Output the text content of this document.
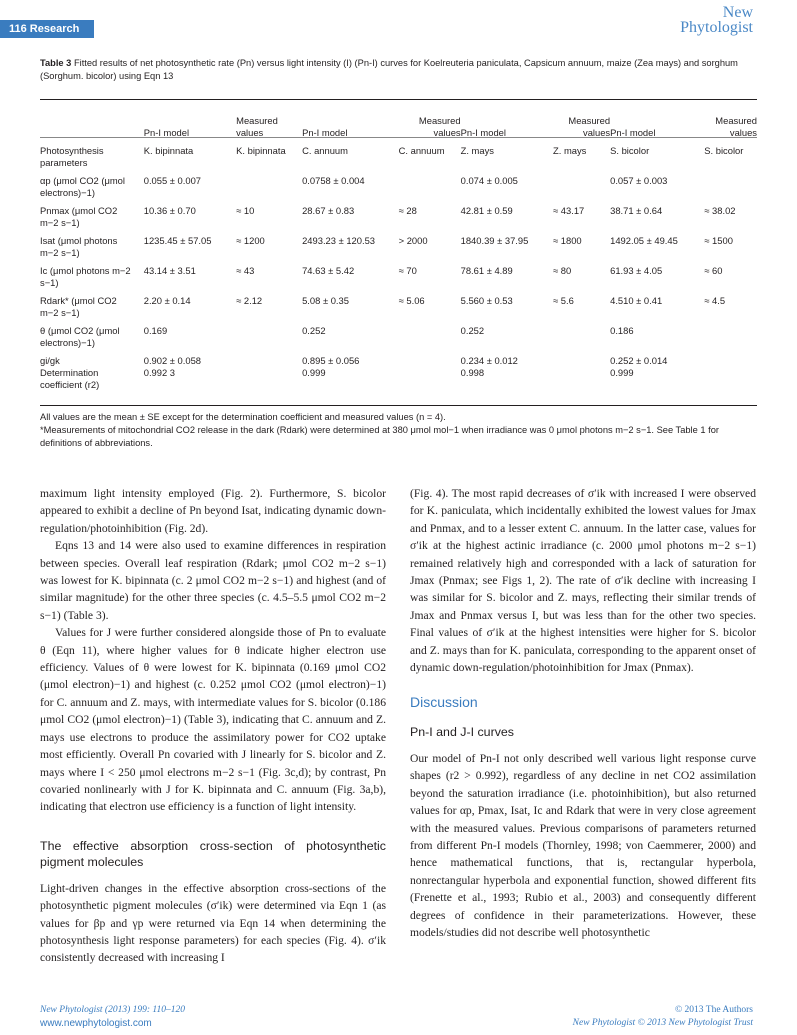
116 Research
New
Phytologist
Table 3 Fitted results of net photosynthetic rate (Pn) versus light intensity (I) (Pn-I) curves for Koelreuteria paniculata, Capsicum annuum, maize (Zea mays) and sorghum (Sorghum. bicolor) using Eqn 13
	Pn-I model	Measured values	Pn-I model	Measured values	Pn-I model	Measured values	Pn-I model	Measured values
Photosynthesis parameters	K. bipinnata	K. bipinnata	C. annuum	C. annuum	Z. mays	Z. mays	S. bicolor	S. bicolor

αp (μmol CO2 (μmol electrons)−1)	0.055 ± 0.007		0.0758 ± 0.004		0.074 ± 0.005		0.057 ± 0.003	

Pnmax (μmol CO2 m−2 s−1)	10.36 ± 0.70	≈ 10	28.67 ± 0.83	≈ 28	42.81 ± 0.59	≈ 43.17	38.71 ± 0.64	≈ 38.02

Isat (μmol photons m−2 s−1)	1235.45 ± 57.05	≈ 1200	2493.23 ± 120.53	> 2000	1840.39 ± 37.95	≈ 1800	1492.05 ± 49.45	≈ 1500

Ic (μmol photons m−2 s−1)	43.14 ± 3.51	≈ 43	74.63 ± 5.42	≈ 70	78.61 ± 4.89	≈ 80	61.93 ± 4.05	≈ 60

Rdark* (μmol CO2 m−2 s−1)	2.20 ± 0.14	≈ 2.12	5.08 ± 0.35	≈ 5.06	5.560 ± 0.53	≈ 5.6	4.510 ± 0.41	≈ 4.5

θ (μmol CO2 (μmol electrons)−1)	0.169		0.252		0.252		0.186	

gi/gk	0.902 ± 0.058		0.895 ± 0.056		0.234 ± 0.012		0.252 ± 0.014	
Determination coefficient (r2)	0.992 3		0.999		0.998		0.999	
All values are the mean ± SE except for the determination coefficient and measured values (n = 4).
*Measurements of mitochondrial CO2 release in the dark (Rdark) were determined at 380 μmol mol−1 when irradiance was 0 μmol photons m−2 s−1. See Table 1 for definitions of abbreviations.

maximum light intensity employed (Fig. 2). Furthermore, S. bicolor appeared to exhibit a decline of Pn beyond Isat, indicating dynamic down-regulation/photoinhibition (Fig. 2d).

Eqns 13 and 14 were also used to examine differences in respiration between species. Overall leaf respiration (Rdark; μmol CO2 m−2 s−1) was lowest for K. bipinnata (c. 2 μmol CO2 m−2 s−1) and highest (and of similar magnitude) for the other three species (c. 4.5–5.5 μmol CO2 m−2 s−1) (Table 3).

Values for J were further considered alongside those of Pn to evaluate θ (Eqn 11), where higher values for θ indicate higher electron use efficiency. Values of θ were lowest for K. bipinnata (0.169 μmol CO2 (μmol electron)−1) and highest (c. 0.252 μmol CO2 (μmol electron)−1) for C. annuum and Z. mays, with intermediate values for S. bicolor (0.186 μmol CO2 (μmol electron)−1) (Table 3), indicating that C. annuum and Z. mays use electrons to produce the assimilatory power for CO2 uptake most efficiently. Overall Pn covaried with J linearly for S. bicolor and Z. mays where I < 250 μmol electrons m−2 s−1 (Fig. 3c,d); by contrast, Pn covaried nonlinearly with J for K. bipinnata and C. annuum (Fig. 3a,b), indicating that electron use efficiency is a function of light intensity.

The effective absorption cross-section of photosynthetic pigment molecules

Light-driven changes in the effective absorption cross-sections of the photosynthetic pigment molecules (σ′ik) were determined via Eqn 1 (as values for βp and γp were returned via Eqn 14 when determining the photosynthesis light response parameters) for each species (Fig. 4). σ′ik consistently decreased with increasing I

(Fig. 4). The most rapid decreases of σ′ik with increased I were observed for K. paniculata, which incidentally exhibited the lowest values for Jmax and Pnmax, and to a lesser extent C. annuum. In the latter case, values for σ′ik at the highest actinic irradiance (c. 2000 μmol photons m−2 s−1) remained relatively high and corresponded with a lack of saturation for Jmax (Pnmax; see Figs 1, 2). The rate of σ′ik decline with increasing I was similar for S. bicolor and Z. mays, reflecting their similar trends of Jmax and Pnmax versus I, but was less than for the other two species. Final values of σ′ik at the highest intensities were higher for S. bicolor and Z. mays than for K. paniculata, corresponding to the apparent onset of dynamic down-regulation/photoinhibition for Jmax (Pnmax).

Discussion
Pn-I and J-I curves

Our model of Pn-I not only described well various light response curve shapes (r2 > 0.992), regardless of any decline in net CO2 assimilation beyond the saturation irradiance (i.e. photoinhibition), but also returned values for αp, Pmax, Isat, Ic and Rdark that were in very close agreement with the measured values. Previous comparisons of parameters returned from different Pn-I models (Thornley, 1998; von Caemmerer, 2000) and hence mathematical functions, that is, rectangular hyperbola, nonrectangular hyperbola and exponential function, showed different fits (Frenette et al., 1993; Rubio et al., 2003) and consequently different degrees of confidence in their parameterizations. However, these models/studies did not describe well photosynthetic

New Phytologist (2013) 199: 110–120
www.newphytologist.com
© 2013 The Authors
New Phytologist © 2013 New Phytologist Trust
